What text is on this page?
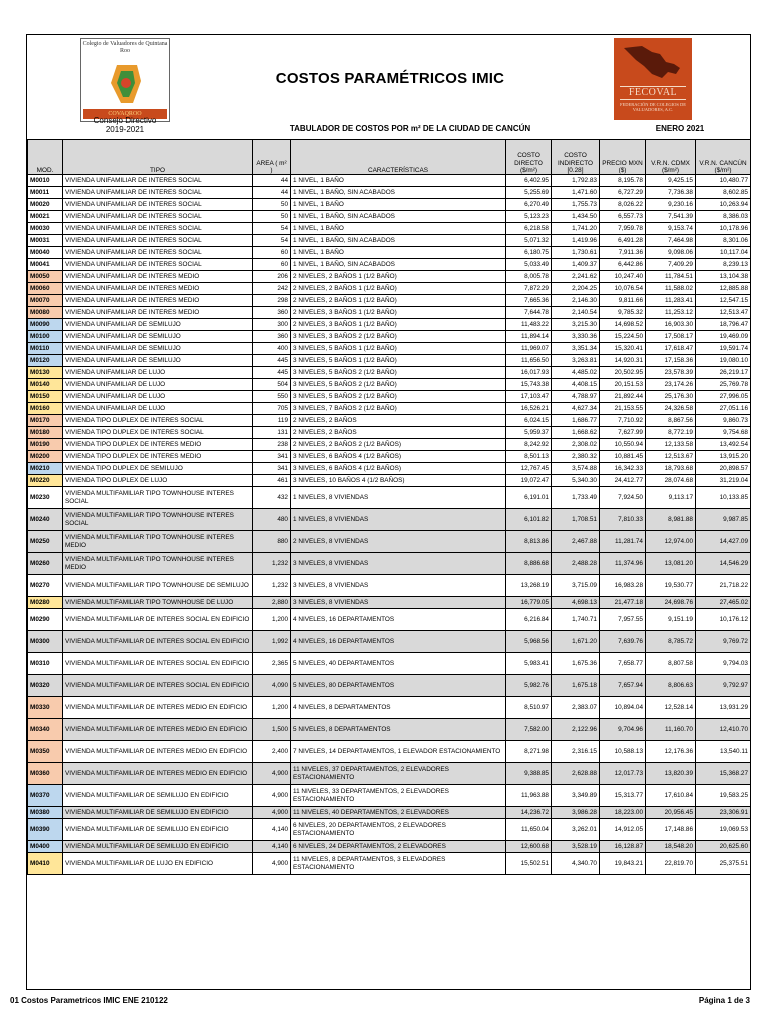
Colegio de Valuadores de Quintana Roo
COVAQROO
Consejo Directivo
2019-2021
COSTOS PARAMÉTRICOS IMIC
TABULADOR DE COSTOS POR m² DE LA CIUDAD DE CANCÚN	ENERO 2021
FECOVAL
FEDERACIÓN DE COLEGIOS DE VALUADORES, A.C.
MOD.	TIPO	AREA ( m² )	CARACTERÍSTICAS	COSTO DIRECTO ($/m²)	COSTO INDIRECTO [0.28]	PRECIO MXN ($)	V.R.N. CDMX ($/m²)	V.R.N. CANCÚN ($/m²)
M0010	VIVIENDA UNIFAMILIAR DE INTERES SOCIAL	44	1 NIVEL, 1 BAÑO	6,402.95	1,792.83	8,195.78	9,425.15	10,480.77
M0011	VIVIENDA UNIFAMILIAR DE INTERES SOCIAL	44	1 NIVEL, 1 BAÑO, SIN ACABADOS	5,255.69	1,471.60	6,727.29	7,736.38	8,602.85
M0020	VIVIENDA UNIFAMILIAR DE INTERES SOCIAL	50	1 NIVEL, 1 BAÑO	6,270.49	1,755.73	8,026.22	9,230.16	10,263.94
M0021	VIVIENDA UNIFAMILIAR DE INTERES SOCIAL	50	1 NIVEL, 1 BAÑO, SIN ACABADOS	5,123.23	1,434.50	6,557.73	7,541.39	8,386.03
M0030	VIVIENDA UNIFAMILIAR DE INTERES SOCIAL	54	1 NIVEL, 1 BAÑO	6,218.58	1,741.20	7,959.78	9,153.74	10,178.96
M0031	VIVIENDA UNIFAMILIAR DE INTERES SOCIAL	54	1 NIVEL, 1 BAÑO, SIN ACABADOS	5,071.32	1,419.96	6,491.28	7,464.98	8,301.06
M0040	VIVIENDA UNIFAMILIAR DE INTERES SOCIAL	60	1 NIVEL, 1 BAÑO	6,180.75	1,730.61	7,911.36	9,098.06	10,117.04
M0041	VIVIENDA UNIFAMILIAR DE INTERES SOCIAL	60	1 NIVEL, 1 BAÑO, SIN ACABADOS	5,033.49	1,409.37	6,442.86	7,409.29	8,239.13
M0050	VIVIENDA UNIFAMILIAR DE INTERES MEDIO	206	2 NIVELES, 2 BAÑOS 1 (1/2 BAÑO)	8,005.78	2,241.62	10,247.40	11,784.51	13,104.38
M0060	VIVIENDA UNIFAMILIAR DE INTERES MEDIO	242	2 NIVELES, 2 BAÑOS 1 (1/2 BAÑO)	7,872.29	2,204.25	10,076.54	11,588.02	12,885.88
M0070	VIVIENDA UNIFAMILIAR DE INTERES MEDIO	298	2 NIVELES, 2 BAÑOS 1 (1/2 BAÑO)	7,665.36	2,146.30	9,811.66	11,283.41	12,547.15
M0080	VIVIENDA UNIFAMILIAR DE INTERES MEDIO	360	2 NIVELES, 3 BAÑOS 1 (1/2 BAÑO)	7,644.78	2,140.54	9,785.32	11,253.12	12,513.47
M0090	VIVIENDA UNIFAMILIAR DE SEMILUJO	300	2 NIVELES, 3 BAÑOS 1 (1/2 BAÑO)	11,483.22	3,215.30	14,698.52	16,903.30	18,796.47
M0100	VIVIENDA UNIFAMILIAR DE SEMILUJO	360	3 NIVELES, 3 BAÑOS 2 (1/2 BAÑO)	11,894.14	3,330.36	15,224.50	17,508.17	19,469.09
M0110	VIVIENDA UNIFAMILIAR DE SEMILUJO	400	3 NIVELES, 5 BAÑOS 1 (1/2 BAÑO)	11,969.07	3,351.34	15,320.41	17,618.47	19,591.74
M0120	VIVIENDA UNIFAMILIAR DE SEMILUJO	445	3 NIVELES, 5 BAÑOS 1 (1/2 BAÑO)	11,656.50	3,263.81	14,920.31	17,158.36	19,080.10
M0130	VIVIENDA UNIFAMILIAR DE LUJO	445	3 NIVELES, 5 BAÑOS 2 (1/2 BAÑO)	16,017.93	4,485.02	20,502.95	23,578.39	26,219.17
M0140	VIVIENDA UNIFAMILIAR DE LUJO	504	3 NIVELES, 5 BAÑOS 2 (1/2 BAÑO)	15,743.38	4,408.15	20,151.53	23,174.26	25,769.78
M0150	VIVIENDA UNIFAMILIAR DE LUJO	550	3 NIVELES, 5 BAÑOS 2 (1/2 BAÑO)	17,103.47	4,788.97	21,892.44	25,176.30	27,996.05
M0160	VIVIENDA UNIFAMILIAR DE LUJO	705	3 NIVELES, 7 BAÑOS 2 (1/2 BAÑO)	16,526.21	4,627.34	21,153.55	24,326.58	27,051.16
M0170	VIVIENDA TIPO DUPLEX DE INTERES SOCIAL	119	2 NIVELES, 2 BAÑOS	6,024.15	1,686.77	7,710.92	8,867.56	9,860.73
M0180	VIVIENDA TIPO DUPLEX DE INTERES SOCIAL	131	2 NIVELES, 2 BAÑOS	5,959.37	1,668.62	7,627.99	8,772.19	9,754.68
M0190	VIVIENDA TIPO DUPLEX DE INTERES MEDIO	238	2 NIVELES, 2 BAÑOS 2 (1/2 BAÑOS)	8,242.92	2,308.02	10,550.94	12,133.58	13,492.54
M0200	VIVIENDA TIPO DUPLEX DE INTERES MEDIO	341	3 NIVELES, 6 BAÑOS 4 (1/2 BAÑOS)	8,501.13	2,380.32	10,881.45	12,513.67	13,915.20
M0210	VIVIENDA TIPO DUPLEX DE SEMILUJO	341	3 NIVELES, 6 BAÑOS 4 (1/2 BAÑOS)	12,767.45	3,574.88	16,342.33	18,793.68	20,898.57
M0220	VIVIENDA TIPO DUPLEX DE LUJO	461	3 NIVELES, 10 BAÑOS 4 (1/2 BAÑOS)	19,072.47	5,340.30	24,412.77	28,074.68	31,219.04
M0230	VIVIENDA MULTIFAMILIAR TIPO TOWNHOUSE INTERES SOCIAL	432	1 NIVELES, 8 VIVIENDAS	6,191.01	1,733.49	7,924.50	9,113.17	10,133.85
M0240	VIVIENDA MULTIFAMILIAR TIPO TOWNHOUSE INTERES SOCIAL	480	1 NIVELES, 8 VIVIENDAS	6,101.82	1,708.51	7,810.33	8,981.88	9,987.85
M0250	VIVIENDA MULTIFAMILIAR TIPO TOWNHOUSE INTERES MEDIO	880	2 NIVELES, 8 VIVIENDAS	8,813.86	2,467.88	11,281.74	12,974.00	14,427.09
M0260	VIVIENDA MULTIFAMILIAR TIPO TOWNHOUSE INTERES MEDIO	1,232	3 NIVELES, 8 VIVIENDAS	8,886.68	2,488.28	11,374.96	13,081.20	14,546.29
M0270	VIVIENDA MULTIFAMILIAR TIPO TOWNHOUSE DE SEMILUJO	1,232	3 NIVELES, 8 VIVIENDAS	13,268.19	3,715.09	16,983.28	19,530.77	21,718.22
M0280	VIVIENDA MULTIFAMILIAR TIPO TOWNHOUSE DE LUJO	2,880	3 NIVELES, 8 VIVIENDAS	16,779.05	4,698.13	21,477.18	24,698.76	27,465.02
M0290	VIVIENDA MULTIFAMILIAR DE INTERES SOCIAL EN EDIFICIO	1,200	4 NIVELES, 16 DEPARTAMENTOS	6,216.84	1,740.71	7,957.55	9,151.19	10,176.12
M0300	VIVIENDA MULTIFAMILIAR DE INTERES SOCIAL EN EDIFICIO	1,992	4 NIVELES, 16 DEPARTAMENTOS	5,968.56	1,671.20	7,639.76	8,785.72	9,769.72
M0310	VIVIENDA MULTIFAMILIAR DE INTERES SOCIAL EN EDIFICIO	2,365	5 NIVELES, 40 DEPARTAMENTOS	5,983.41	1,675.36	7,658.77	8,807.58	9,794.03
M0320	VIVIENDA MULTIFAMILIAR DE INTERES SOCIAL EN EDIFICIO	4,090	5 NIVELES, 80 DEPARTAMENTOS	5,982.76	1,675.18	7,657.94	8,806.63	9,792.97
M0330	VIVIENDA MULTIFAMILIAR DE INTERES MEDIO EN EDIFICIO	1,200	4 NIVELES, 8 DEPARTAMENTOS	8,510.97	2,383.07	10,894.04	12,528.14	13,931.29
M0340	VIVIENDA MULTIFAMILIAR DE INTERES MEDIO EN EDIFICIO	1,500	5 NIVELES, 8 DEPARTAMENTOS	7,582.00	2,122.96	9,704.96	11,160.70	12,410.70
M0350	VIVIENDA MULTIFAMILIAR DE INTERES MEDIO EN EDIFICIO	2,400	7 NIVELES, 14 DEPARTAMENTOS, 1 ELEVADOR ESTACIONAMIENTO	8,271.98	2,316.15	10,588.13	12,176.36	13,540.11
M0360	VIVIENDA MULTIFAMILIAR DE INTERES MEDIO EN EDIFICIO	4,900	11 NIVELES, 37 DEPARTAMENTOS, 2 ELEVADORES ESTACIONAMIENTO	9,388.85	2,628.88	12,017.73	13,820.39	15,368.27
M0370	VIVIENDA MULTIFAMILIAR DE SEMILUJO EN EDIFICIO	4,900	11 NIVELES, 33 DEPARTAMENTOS, 2 ELEVADORES ESTACIONAMIENTO	11,963.88	3,349.89	15,313.77	17,610.84	19,583.25
M0380	VIVIENDA MULTIFAMILIAR DE SEMILUJO EN EDIFICIO	4,900	11 NIVELES, 40 DEPARTAMENTOS, 2 ELEVADORES	14,236.72	3,986.28	18,223.00	20,956.45	23,306.91
M0390	VIVIENDA MULTIFAMILIAR DE SEMILUJO EN EDIFICIO	4,140	6 NIVELES, 20 DEPARTAMENTOS, 2 ELEVADORES ESTACIONAMIENTO	11,650.04	3,262.01	14,912.05	17,148.86	19,069.53
M0400	VIVIENDA MULTIFAMILIAR DE SEMILUJO EN EDIFICIO	4,140	6 NIVELES, 24 DEPARTAMENTOS, 2 ELEVADORES	12,600.68	3,528.19	16,128.87	18,548.20	20,625.60
M0410	VIVIENDA MULTIFAMILIAR DE LUJO EN EDIFICIO	4,900	11 NIVELES, 8 DEPARTAMENTOS, 3 ELEVADORES ESTACIONAMIENTO	15,502.51	4,340.70	19,843.21	22,819.70	25,375.51
01 Costos Parametricos IMIC ENE 210122	Página 1 de 3
